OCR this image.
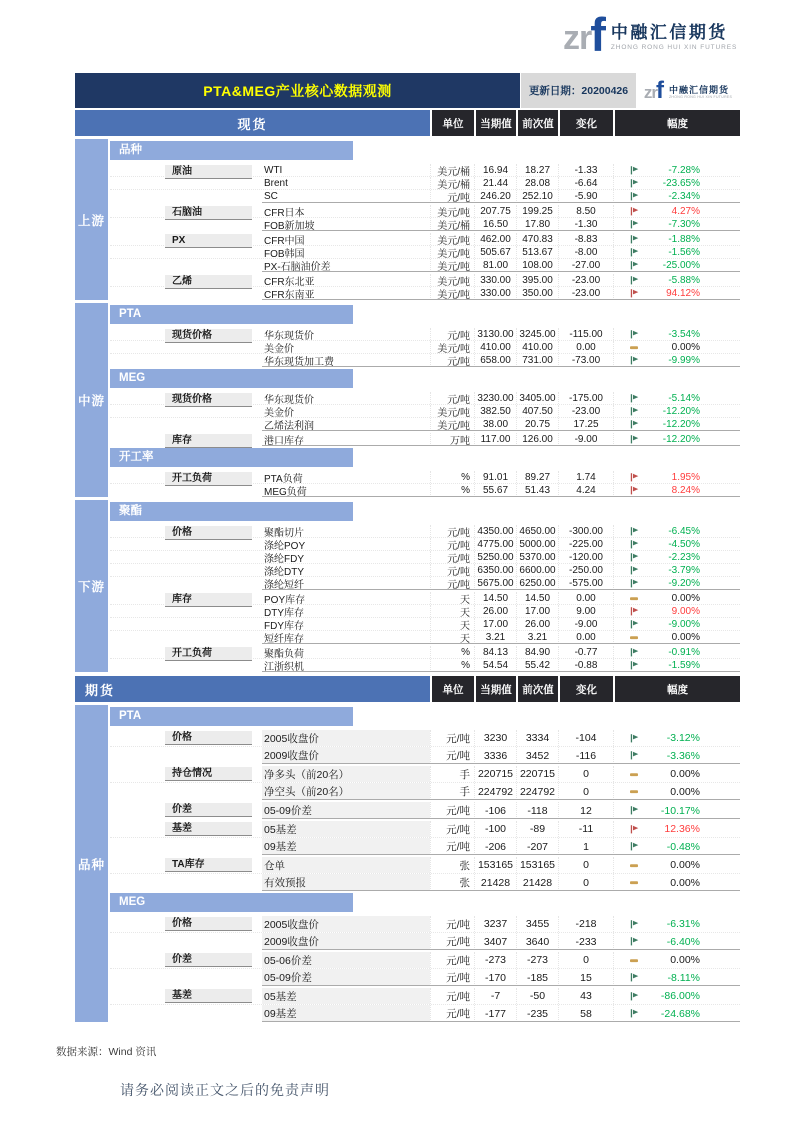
zr f 中融汇信期货
ZHONG RONG HUI XIN FUTURES
PTA&MEG产业核心数据观测	更新日期： 20200426 zr f 中融汇信期货
ZHONG RONG HUI XIN FUTURES
现货	单位	当期值	前次值	变化	幅度
上游
品种
原油	WTI	美元/桶	16.94	18.27	-1.33	-7.28%
Brent	美元/桶	21.44	28.08	-6.64	-23.65%
SC	元/吨	246.20	252.10	-5.90	-2.34%
石脑油	CFR日本	美元/吨	207.75	199.25	8.50	4.27%
FOB新加坡	美元/桶	16.50	17.80	-1.30	-7.30%
PX	CFR中国	美元/吨	462.00	470.83	-8.83	-1.88%
FOB韩国	美元/吨	505.67	513.67	-8.00	-1.56%
PX-石脑油价差	美元/吨	81.00	108.00	-27.00	-25.00%
乙烯	CFR东北亚	美元/吨	330.00	395.00	-23.00	-5.88%
CFR东南亚	美元/吨	330.00	350.00	-23.00	94.12%
中游
PTA
现货价格	华东现货价	元/吨 3130.00 3245.00	-115.00	-3.54%
美金价	美元/吨	410.00	410.00	0.00	0.00%
华东现货加工费	元/吨	658.00	731.00	-73.00	-9.99%
MEG
现货价格	华东现货价	元/吨 3230.00 3405.00	-175.00	-5.14%
美金价	美元/吨	382.50	407.50	-23.00	-12.20%
乙烯法利润	美元/吨	38.00	20.75	17.25	-12.20%
库存	港口库存	万吨	117.00	126.00	-9.00	-12.20%
开工率
开工负荷	PTA负荷	%	91.01	89.27	1.74	1.95%
MEG负荷	%	55.67	51.43	4.24	8.24%
下游
聚酯
价格	聚酯切片	元/吨 4350.00 4650.00	-300.00	-6.45%
涤纶POY	元/吨 4775.00 5000.00	-225.00	-4.50%
涤纶FDY	元/吨 5250.00 5370.00	-120.00	-2.23%
涤纶DTY	元/吨 6350.00 6600.00	-250.00	-3.79%
涤纶短纤	元/吨 5675.00 6250.00	-575.00	-9.20%
库存	POY库存	天	14.50	14.50	0.00	0.00%
DTY库存	天	26.00	17.00	9.00	9.00%
FDY库存	天	17.00	26.00	-9.00	-9.00%
短纤库存	天	3.21	3.21	0.00	0.00%
开工负荷	聚酯负荷	%	84.13	84.90	-0.77	-0.91%
江浙织机	%	54.54	55.42	-0.88	-1.59%
期货	单位	当期值	前次值	变化	幅度
品种
PTA
价格	2005收盘价	元/吨	3230	3334	-104	-3.12%
2009收盘价	元/吨	3336	3452	-116	-3.36%
持仓情况	净多头（前20名）	手 220715 220715	0	0.00%
净空头（前20名）	手 224792 224792	0	0.00%
价差	05-09价差	元/吨	-106	-118	12	-10.17%
基差	05基差	元/吨	-100	-89	-11	12.36%
09基差	元/吨	-206	-207	1	-0.48%
TA库存	仓单	张 153165 153165	0	0.00%
有效预报	张	21428	21428	0	0.00%
MEG
价格	2005收盘价	元/吨	3237	3455	-218	-6.31%
2009收盘价	元/吨	3407	3640	-233	-6.40%
价差	05-06价差	元/吨	-273	-273	0	0.00%
05-09价差	元/吨	-170	-185	15	-8.11%
基差	05基差	元/吨	-7	-50	43	-86.00%
09基差	元/吨	-177	-235	58	-24.68%
数据来源：Wind 资讯
请务必阅读正文之后的免责声明
